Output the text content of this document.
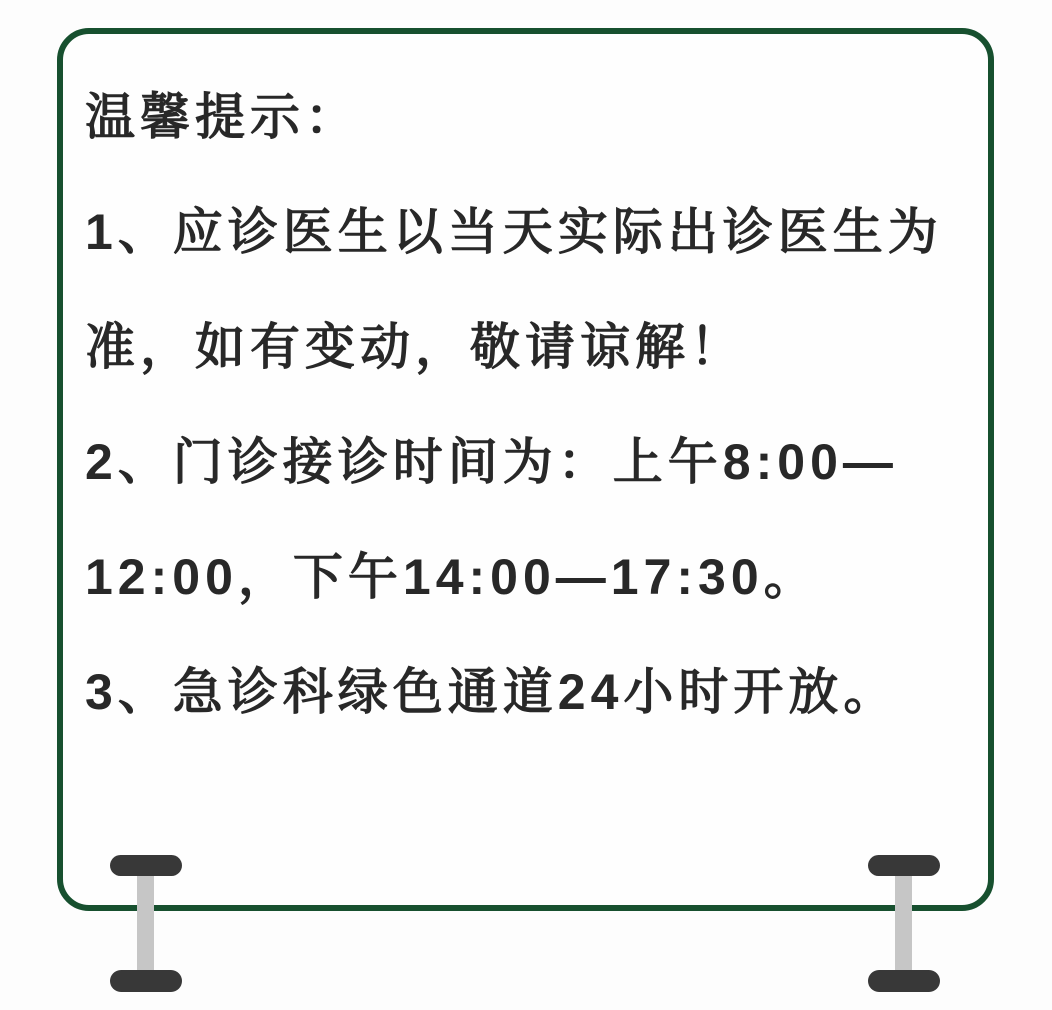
温馨提示：

1、应诊医生以当天实际出诊医生为

准，如有变动，敬请谅解！

2、门诊接诊时间为：上午8:00—

12:00，下午14:00—17:30。

3、急诊科绿色通道24小时开放。
